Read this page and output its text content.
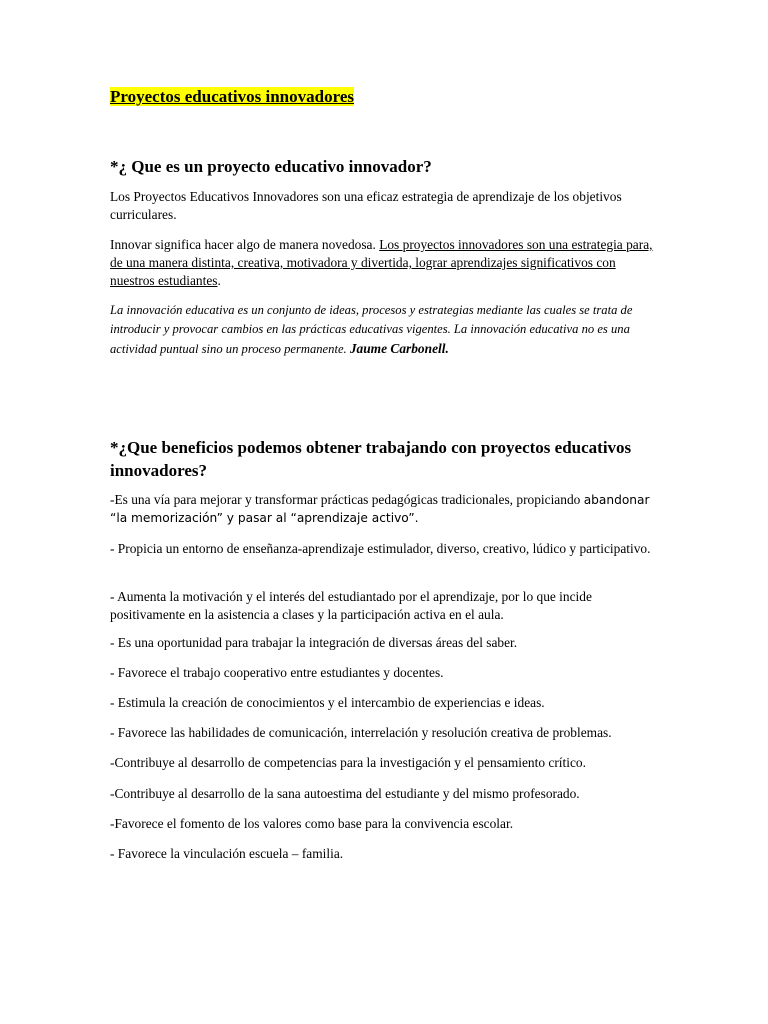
Proyectos educativos innovadores
*¿ Que es un proyecto educativo innovador?

Los Proyectos Educativos Innovadores son una eficaz estrategia de aprendizaje de los objetivos curriculares.

Innovar significa hacer algo de manera novedosa. Los proyectos innovadores son una estrategia para, de una manera distinta, creativa, motivadora y divertida, lograr aprendizajes significativos con nuestros estudiantes.

La innovación educativa es un conjunto de ideas, procesos y estrategias mediante las cuales se trata de introducir y provocar cambios en las prácticas educativas vigentes. La innovación educativa no es una actividad puntual sino un proceso permanente. Jaume Carbonell.

*¿Que beneficios podemos obtener trabajando con proyectos educativos innovadores?

-Es una vía para mejorar y transformar prácticas pedagógicas tradicionales, propiciando abandonar “la memorización” y pasar al “aprendizaje activo”.

- Propicia un entorno de enseñanza-aprendizaje estimulador, diverso, creativo, lúdico y participativo.

- Aumenta la motivación y el interés del estudiantado por el aprendizaje, por lo que incide positivamente en la asistencia a clases y la participación activa en el aula.

- Es una oportunidad para trabajar la integración de diversas áreas del saber.

- Favorece el trabajo cooperativo entre estudiantes y docentes.

- Estimula la creación de conocimientos y el intercambio de experiencias e ideas.

- Favorece las habilidades de comunicación, interrelación y resolución creativa de problemas.

-Contribuye al desarrollo de competencias para la investigación y el pensamiento crítico.

-Contribuye al desarrollo de la sana autoestima del estudiante y del mismo profesorado.

-Favorece el fomento de los valores como base para la convivencia escolar.

- Favorece la vinculación escuela – familia.
